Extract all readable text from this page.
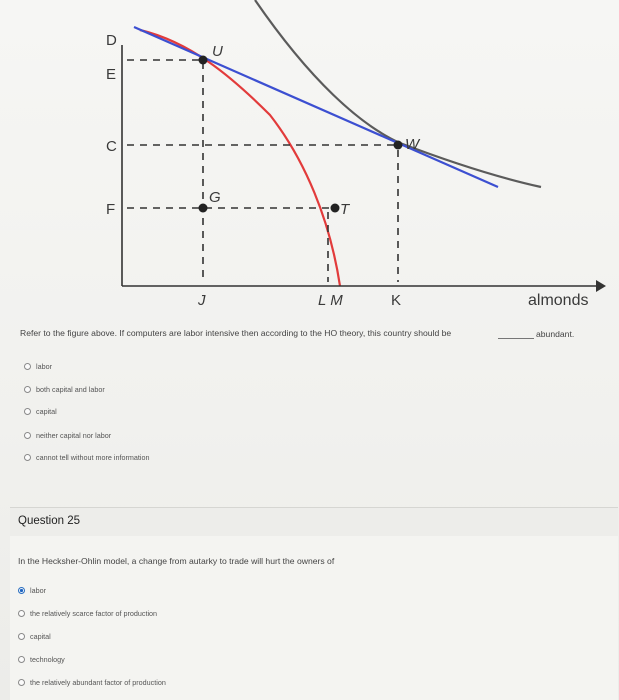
D
E
C
F
U
G
T
W
J	L M	K	almonds
Refer to the figure above. If computers are labor intensive then according to the HO theory, this country should be	abundant.
labor
both capital and labor
capital
neither capital nor labor
cannot tell without more information
Question 25
In the Hecksher-Ohlin model, a change from autarky to trade will hurt the owners of
labor
the relatively scarce factor of production
capital
technology
the relatively abundant factor of production
